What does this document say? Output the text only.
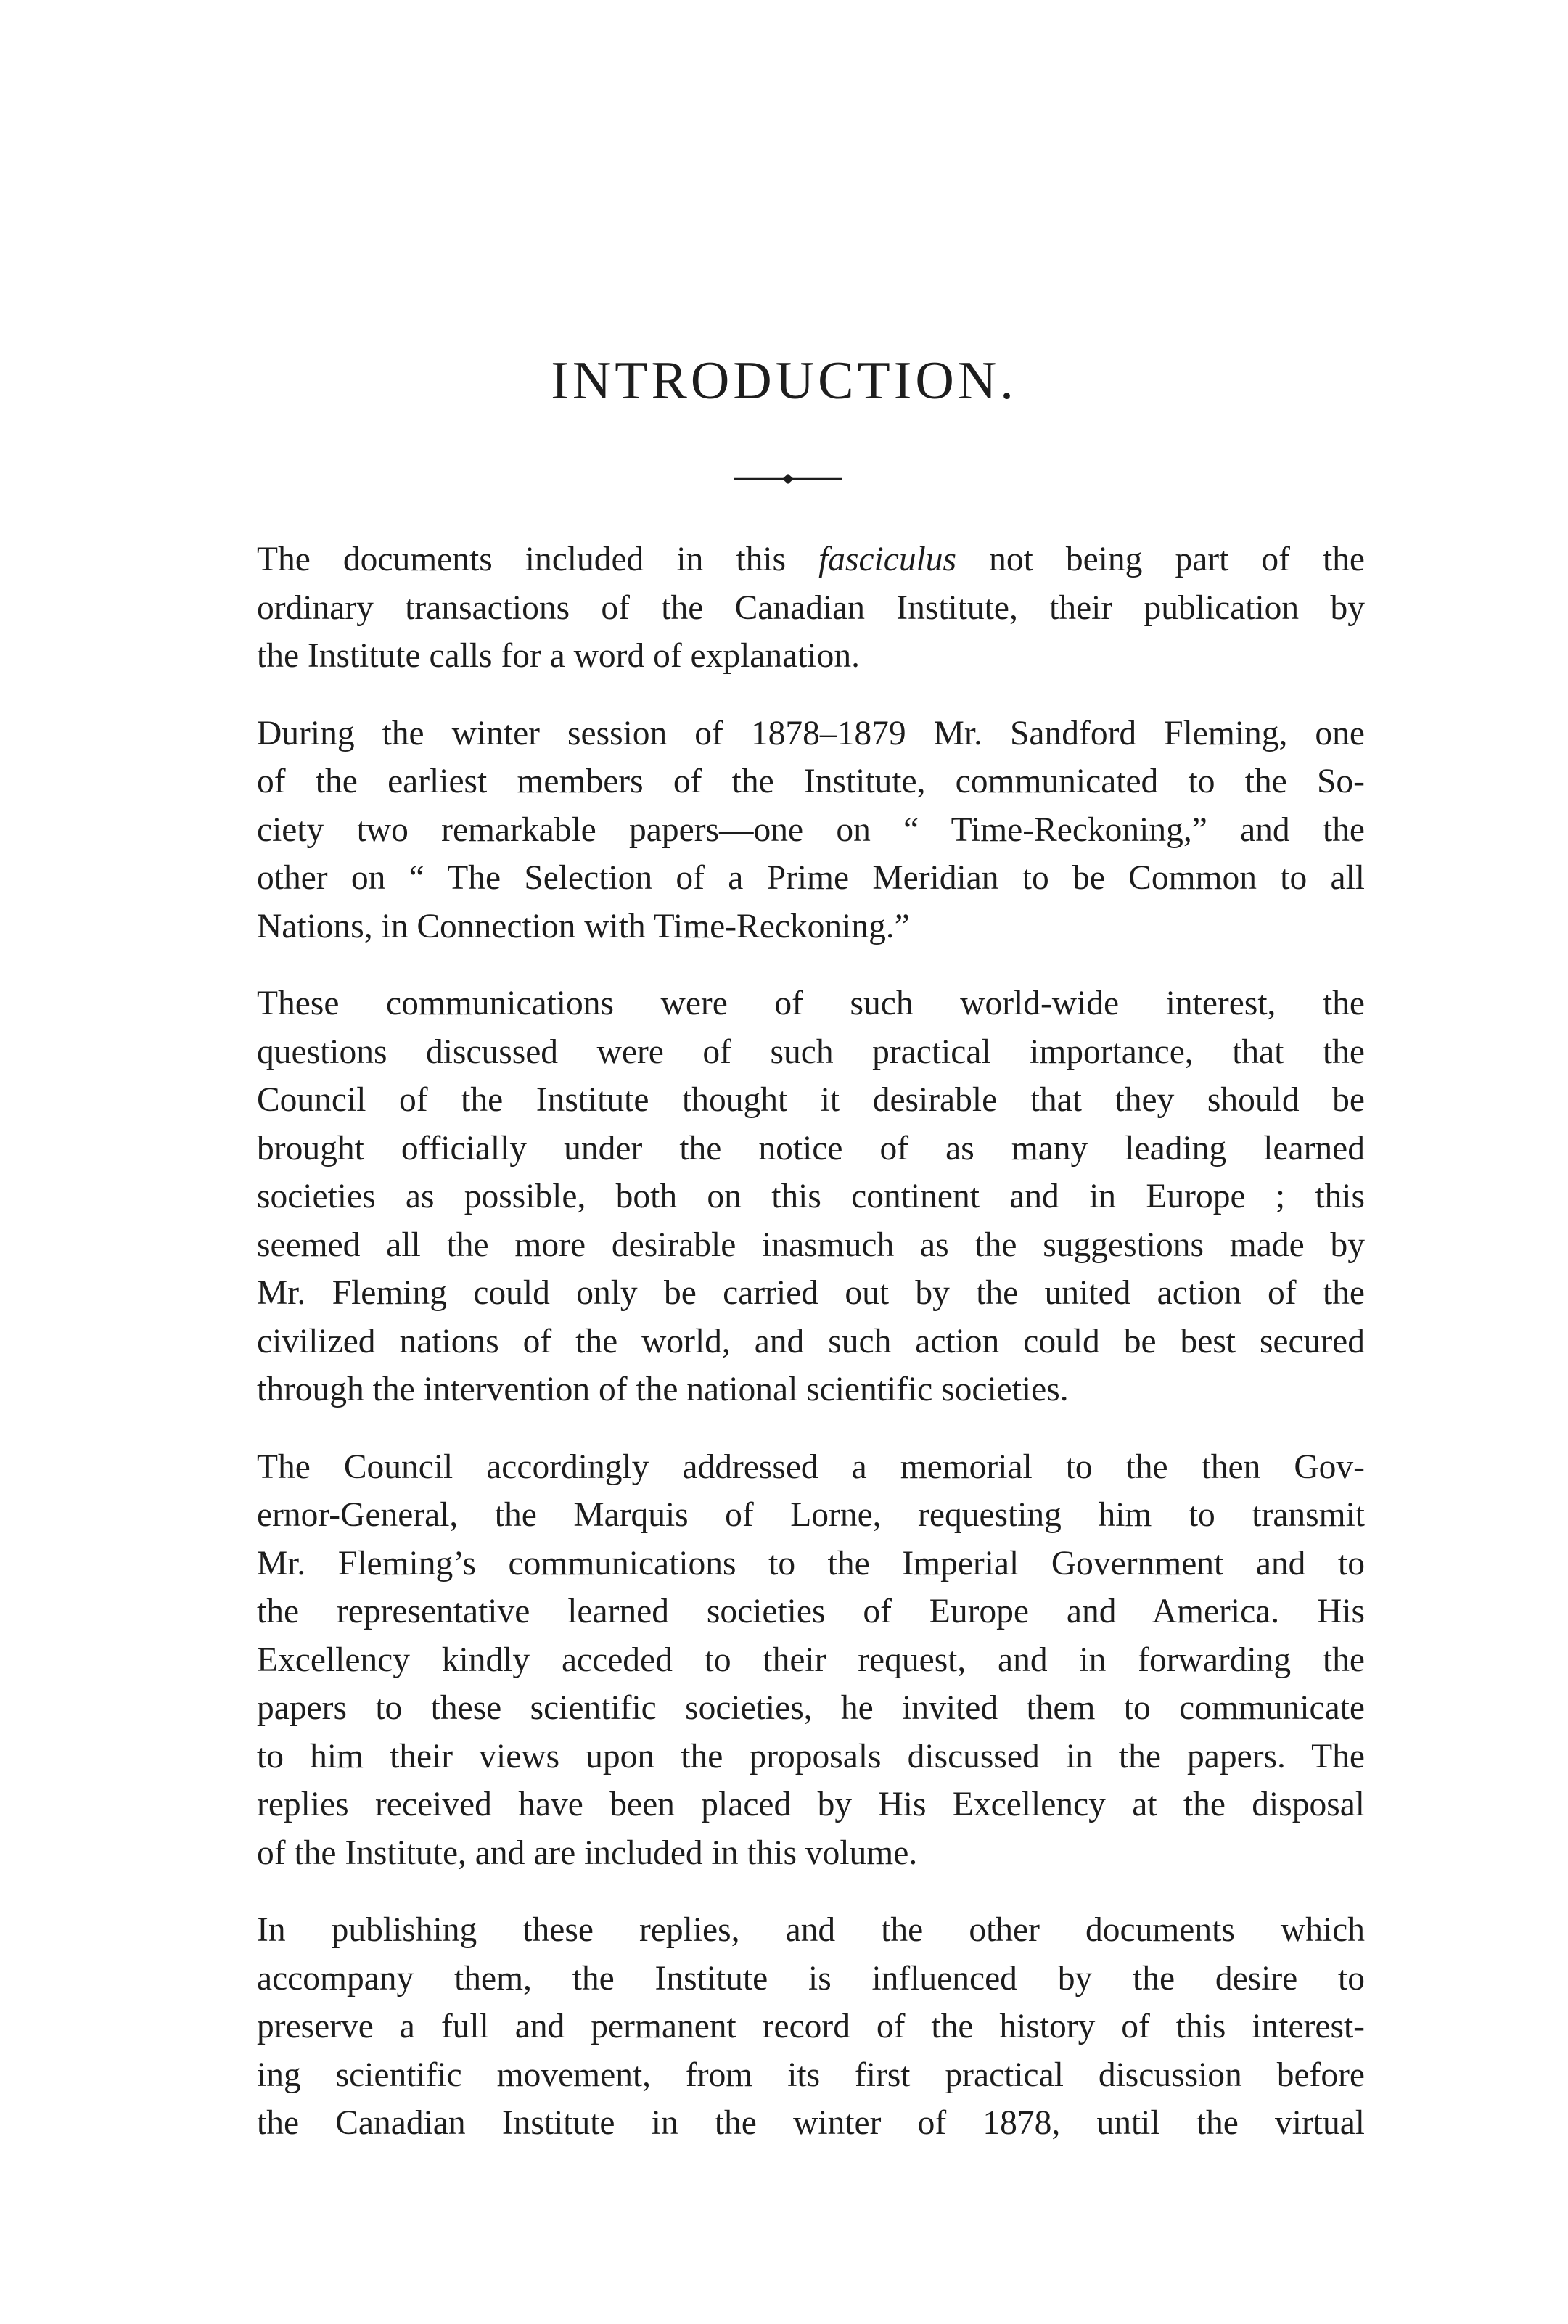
INTRODUCTION.
The documents included in this fasciculus not being part of the
ordinary transactions of the Canadian Institute, their publication by
the Institute calls for a word of explanation.
During the winter session of 1878–1879 Mr. Sandford Fleming, one
of the earliest members of the Institute, communicated to the So-
ciety two remarkable papers—one on “ Time-Reckoning,” and the
other on “ The Selection of a Prime Meridian to be Common to all
Nations, in Connection with Time-Reckoning.”
These communications were of such world-wide interest, the
questions discussed were of such practical importance, that the
Council of the Institute thought it desirable that they should be
brought officially under the notice of as many leading learned
societies as possible, both on this continent and in Europe ; this
seemed all the more desirable inasmuch as the suggestions made by
Mr. Fleming could only be carried out by the united action of the
civilized nations of the world, and such action could be best secured
through the intervention of the national scientific societies.
The Council accordingly addressed a memorial to the then Gov-
ernor-General, the Marquis of Lorne, requesting him to transmit
Mr. Fleming’s communications to the Imperial Government and to
the representative learned societies of Europe and America. His
Excellency kindly acceded to their request, and in forwarding the
papers to these scientific societies, he invited them to communicate
to him their views upon the proposals discussed in the papers. The
replies received have been placed by His Excellency at the disposal
of the Institute, and are included in this volume.
In publishing these replies, and the other documents which
accompany them, the Institute is influenced by the desire to
preserve a full and permanent record of the history of this interest-
ing scientific movement, from its first practical discussion before
the Canadian Institute in the winter of 1878, until the virtual
